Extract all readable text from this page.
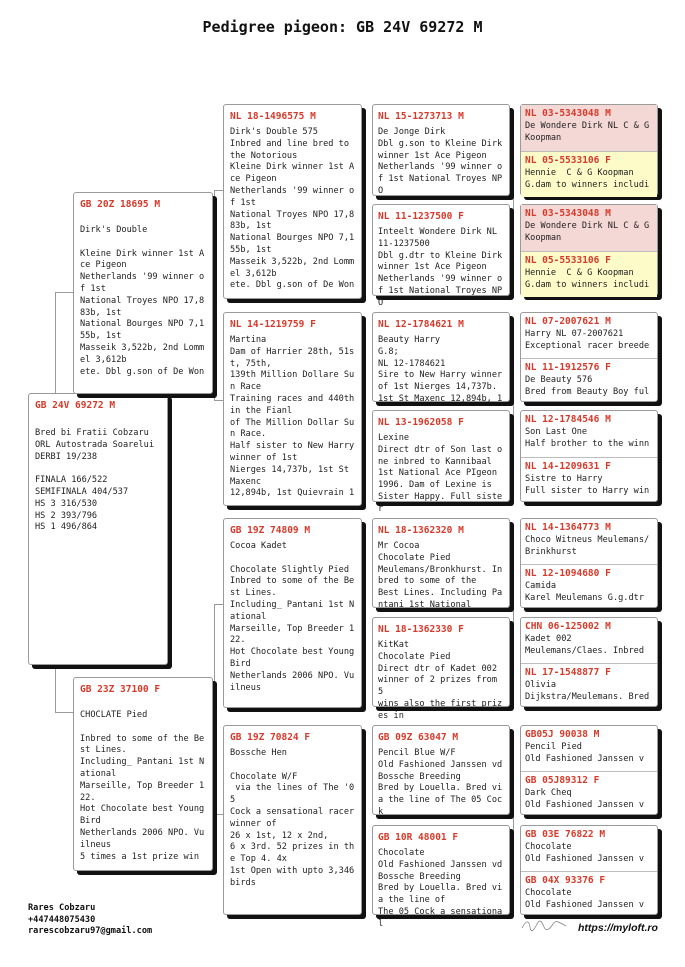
Pedigree pigeon: GB 24V 69272 M
GB 24V 69272 M
Bred bi Fratii Cobzaru
ORL Autostrada Soarelui
DERBI 19/238

FINALA 166/522
SEMIFINALA 404/537
HS 3 316/530
HS 2 393/796
HS 1 496/864
GB 20Z 18695 M
Dirk's Double

Kleine Dirk winner 1st Ace Pigeon
Netherlands '99 winner of 1st
National Troyes NPO 17,883b, 1st
National Bourges NPO 7,155b, 1st
Masseik 3,522b, 2nd Lommel 3,612b
ete. Dbl g.son of De Won
GB 23Z 37100 F
CHOCLATE Pied

Inbred to some of the Best Lines.
Including_ Pantani 1st National
Marseille, Top Breeder 122.
Hot Chocolate best Young Bird
Netherlands 2006 NPO. Vuilneus
5 times a 1st prize win
NL 18-1496575 M
Dirk's Double 575
Inbred and line bred to the Notorious
Kleine Dirk winner 1st Ace Pigeon
Netherlands '99 winner of 1st
National Troyes NPO 17,883b, 1st
National Bourges NPO 7,155b, 1st
Masseik 3,522b, 2nd Lommel 3,612b
ete. Dbl g.son of De Won
NL 14-1219759 F
Martina
Dam of Harrier 28th, 51st, 75th,
139th Million Dollare Sun Race
Training races and 440th in the Fianl
of The Million Dollar Sun Race.
Half sister to New Harry winner of 1st
Nierges 14,737b, 1st St Maxenc
12,894b, 1st Quievrain 1
GB 19Z 74809 M
Cocoa Kadet

Chocolate Slightly Pied
Inbred to some of the Best Lines.
Including_ Pantani 1st National
Marseille, Top Breeder 122.
Hot Chocolate best Young Bird
Netherlands 2006 NPO. Vuilneus
GB 19Z 70824 F
Bossche Hen

Chocolate W/F
via the lines of The '05
Cock a sensational racer winner of
26 x 1st, 12 x 2nd,
6 x 3rd. 52 prizes in the Top 4. 4x
1st Open with upto 3,346 birds
NL 15-1273713 M
De Jonge Dirk
Dbl g.son to Kleine Dirk winner 1st Ace Pigeon
Netherlands '99 winner of 1st National Troyes NPO
NL 11-1237500 F
Inteelt Wondere Dirk NL 11-1237500
Dbl g.dtr to Kleine Dirk winner 1st Ace Pigeon
Netherlands '99 winner of 1st National Troyes NPO
NL 12-1784621 M
Beauty Harry
G.8;
NL 12-1784621
Sire to New Harry winner of 1st Nierges 14,737b.
1st St Maxenc 12,894b, 1
NL 13-1962058 F
Lexine
Direct dtr of Son last one inbred to Kannibaal
1st National Ace PIgeon 1996. Dam of Lexine is
Sister Happy. Full sister
NL 18-1362320 M
Mr Cocoa
Chocolate Pied
Meulemans/Bronkhurst. Inbred to some of the
Best Lines. Including Pantani 1st National
NL 18-1362330 F
KitKat
Chocolate Pied
Direct dtr of Kadet 002 winner of 2 prizes from
5
wins also the first prizes in
GB 09Z 63047 M
Pencil Blue W/F
Old Fashioned Janssen vd Bossche Breeding
Bred by Louella. Bred via the line of The 05 Cock
GB 10R 48001 F
Chocolate
Old Fashioned Janssen vd Bossche Breeding
Bred by Louella. Bred via the line of
The 05 Cock a sensational
NL 03-5343048 M
De Wondere Dirk NL C & G Koopman
NL 05-5533106 F
Hennie  C & G Koopman
G.dam to winners includi
NL 03-5343048 M
De Wondere Dirk NL C & G Koopman
NL 05-5533106 F
Hennie  C & G Koopman
G.dam to winners includi
NL 07-2007621 M
Harry NL 07-2007621
Exceptional racer breede
NL 11-1912576 F
De Beauty 576
Bred from Beauty Boy ful
NL 12-1784546 M
Son Last One
Half brother to the winn
NL 14-1209631 F
Sistre to Harry
Full sister to Harry win
NL 14-1364773 M
Choco Witneus Meulemans/
Brinkhurst
NL 12-1094680 F
Camida
Karel Meulemans G.g.dtr
CHN 06-125002 M
Kadet 002
Meulemans/Claes. Inbred
NL 17-1548877 F
Olivia
Dijkstra/Meulemans. Bred
GB05J 90038 M
Pencil Pied
Old Fashioned Janssen v
GB 05J89312 F
Dark Cheq
Old Fashioned Janssen v
GB 03E 76822 M
Chocolate
Old Fashioned Janssen v
GB 04X 93376 F
Chocolate
Old Fashioned Janssen v
Rares Cobzaru
+447448075430
rarescobzaru97@gmail.com	https://myloft.ro
